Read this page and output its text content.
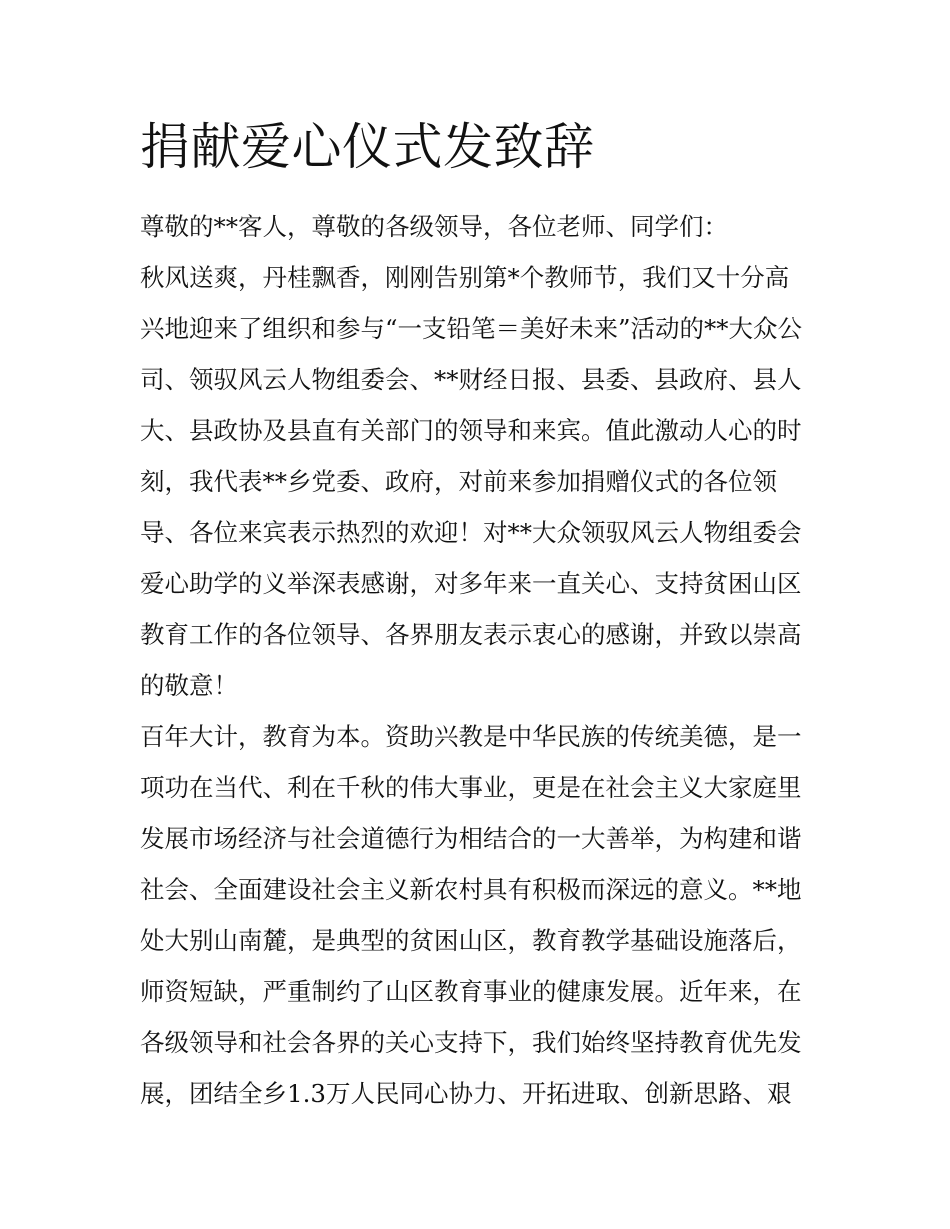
捐献爱心仪式发致辞
尊敬的**客人，尊敬的各级领导，各位老师、同学们：
秋风送爽，丹桂飘香，刚刚告别第*个教师节，我们又十分高
兴地迎来了组织和参与“一支铅笔＝美好未来”活动的**大众公
司、领驭风云人物组委会、**财经日报、县委、县政府、县人
大、县政协及县直有关部门的领导和来宾。值此激动人心的时
刻，我代表**乡党委、政府，对前来参加捐赠仪式的各位领
导、各位来宾表示热烈的欢迎！对**大众领驭风云人物组委会
爱心助学的义举深表感谢，对多年来一直关心、支持贫困山区
教育工作的各位领导、各界朋友表示衷心的感谢，并致以崇高
的敬意！
百年大计，教育为本。资助兴教是中华民族的传统美德，是一
项功在当代、利在千秋的伟大事业，更是在社会主义大家庭里
发展市场经济与社会道德行为相结合的一大善举，为构建和谐
社会、全面建设社会主义新农村具有积极而深远的意义。**地
处大别山南麓，是典型的贫困山区，教育教学基础设施落后，
师资短缺，严重制约了山区教育事业的健康发展。近年来，在
各级领导和社会各界的关心支持下，我们始终坚持教育优先发
展，团结全乡1.3万人民同心协力、开拓进取、创新思路、艰
